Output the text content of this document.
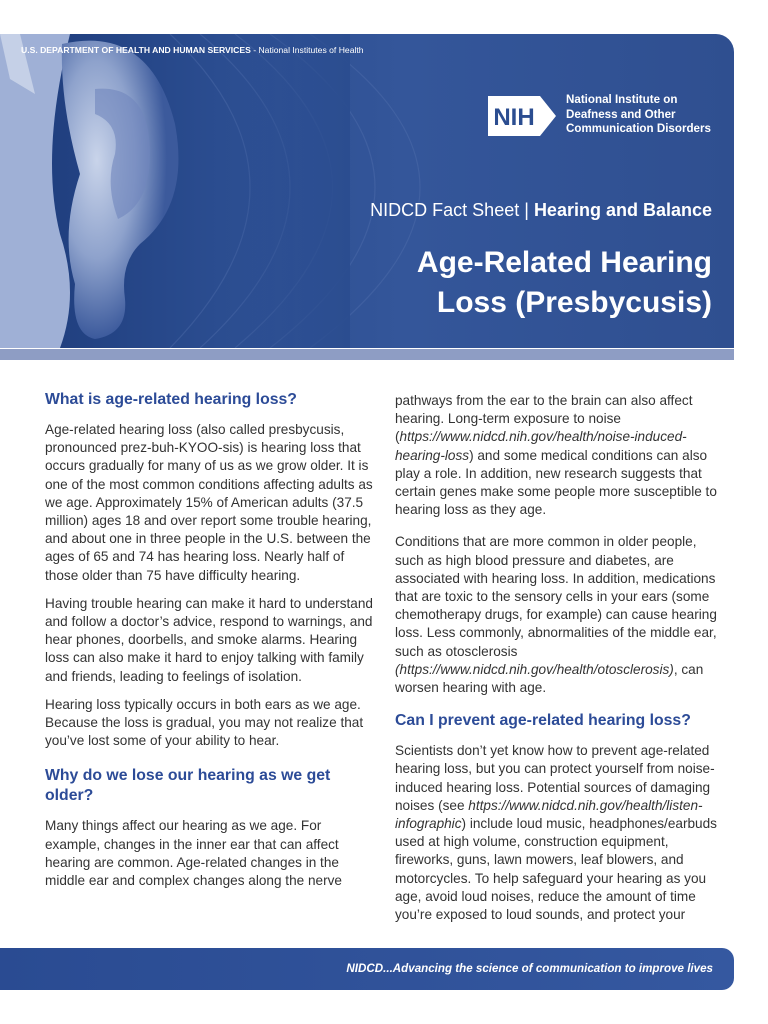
U.S. DEPARTMENT OF HEALTH AND HUMAN SERVICES - National Institutes of Health
NIH
National Institute on
Deafness and Other
Communication Disorders
NIDCD Fact Sheet | Hearing and Balance
Age-Related Hearing
Loss (Presbycusis)
What is age-related hearing loss?

Age-related hearing loss (also called presbycusis, pronounced prez-buh-KYOO-sis) is hearing loss that occurs gradually for many of us as we grow older. It is one of the most common conditions affecting adults as we age. Approximately 15% of American adults (37.5 million) ages 18 and over report some trouble hearing, and about one in three people in the U.S. between the ages of 65 and 74 has hearing loss. Nearly half of those older than 75 have difficulty hearing.

Having trouble hearing can make it hard to understand and follow a doctor’s advice, respond to warnings, and hear phones, doorbells, and smoke alarms. Hearing loss can also make it hard to enjoy talking with family and friends, leading to feelings of isolation.

Hearing loss typically occurs in both ears as we age. Because the loss is gradual, you may not realize that you’ve lost some of your ability to hear.

Why do we lose our hearing as we get older?

Many things affect our hearing as we age. For example, changes in the inner ear that can affect hearing are common. Age-related changes in the middle ear and complex changes along the nerve

pathways from the ear to the brain can also affect hearing. Long-term exposure to noise (https://www.nidcd.nih.gov/health/noise-induced-hearing-loss) and some medical conditions can also play a role. In addition, new research suggests that certain genes make some people more susceptible to hearing loss as they age.

Conditions that are more common in older people, such as high blood pressure and diabetes, are associated with hearing loss. In addition, medications that are toxic to the sensory cells in your ears (some chemotherapy drugs, for example) can cause hearing loss. Less commonly, abnormalities of the middle ear, such as otosclerosis (https://www.nidcd.nih.gov/health/otosclerosis), can worsen hearing with age.

Can I prevent age-related hearing loss?

Scientists don’t yet know how to prevent age-related hearing loss, but you can protect yourself from noise-induced hearing loss. Potential sources of damaging noises (see https://www.nidcd.nih.gov/health/listen-infographic) include loud music, headphones/earbuds used at high volume, construction equipment, fireworks, guns, lawn mowers, leaf blowers, and motorcycles. To help safeguard your hearing as you age, avoid loud noises, reduce the amount of time you’re exposed to loud sounds, and protect your

NIDCD...Advancing the science of communication to improve lives
